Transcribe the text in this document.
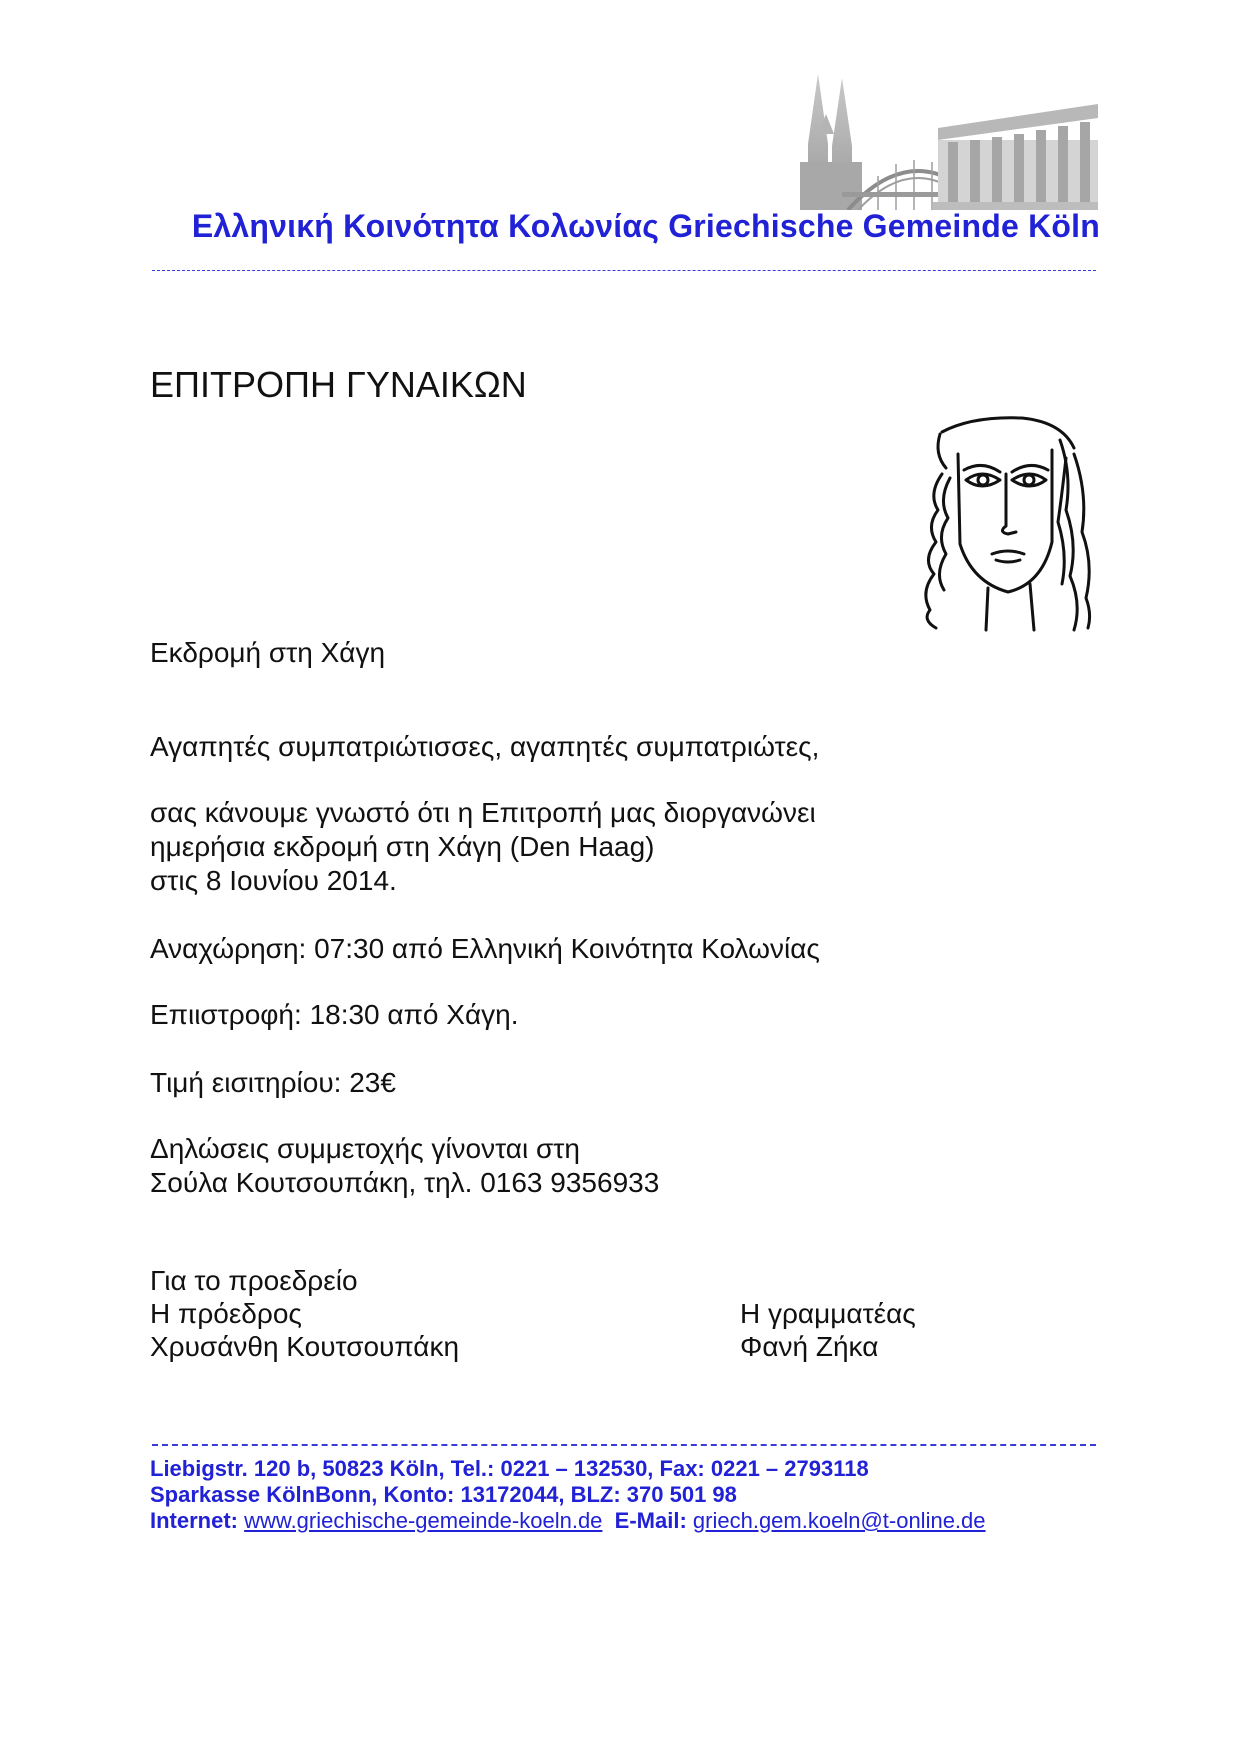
Ελληνική Κοινότητα Κολωνίας Griechische Gemeinde Köln
ΕΠΙΤΡΟΠΗ ΓΥΝΑΙΚΩΝ
Εκδρομή στη Χάγη
Αγαπητές συμπατριώτισσες, αγαπητές συμπατριώτες,
σας κάνουμε γνωστό ότι η Επιτροπή μας διοργανώνει
ημερήσια εκδρομή στη Χάγη (Den Haag)
στις 8 Ιουνίου 2014.
Αναχώρηση: 07:30 από Ελληνική Κοινότητα Κολωνίας
Επιιστροφή: 18:30 από Χάγη.
Τιμή εισιτηρίου: 23€
Δηλώσεις συμμετοχής γίνονται στη
Σούλα Κουτσουπάκη, τηλ. 0163 9356933
Για το προεδρείο
Η πρόεδρος
Χρυσάνθη Κουτσουπάκη
Η γραμματέας
Φανή Ζήκα
Liebigstr. 120 b, 50823 Köln, Tel.: 0221 – 132530, Fax: 0221 – 2793118
Sparkasse KölnBonn, Konto: 13172044, BLZ: 370 501 98
Internet: www.griechische-gemeinde-koeln.de E-Mail: griech.gem.koeln@t-online.de
